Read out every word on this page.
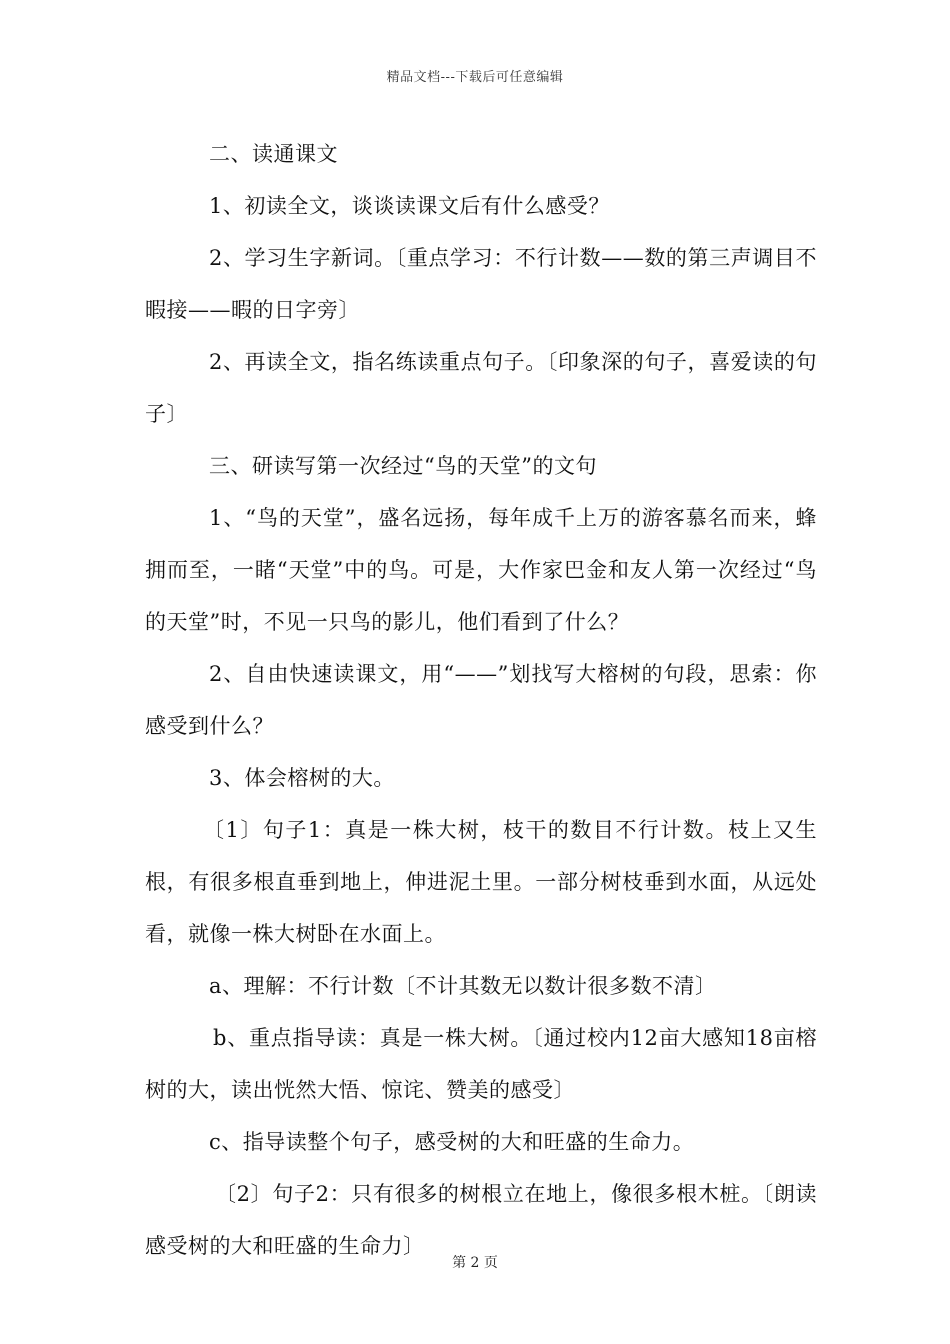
精品文档---下载后可任意编辑

二、读通课文

1、初读全文，谈谈读课文后有什么感受？

2、学习生字新词。〔重点学习：不行计数——数的第三声调目不暇接——暇的日字旁〕

2、再读全文，指名练读重点句子。〔印象深的句子，喜爱读的句子〕

三、研读写第一次经过“鸟的天堂”的文句

1、“鸟的天堂”，盛名远扬，每年成千上万的游客慕名而来，蜂拥而至，一睹“天堂”中的鸟。可是，大作家巴金和友人第一次经过“鸟的天堂”时，不见一只鸟的影儿，他们看到了什么？

2、自由快速读课文，用“——”划找写大榕树的句段，思索：你感受到什么？

3、体会榕树的大。

〔1〕句子1：真是一株大树，枝干的数目不行计数。枝上又生根，有很多根直垂到地上，伸进泥土里。一部分树枝垂到水面，从远处看，就像一株大树卧在水面上。

a、理解：不行计数〔不计其数无以数计很多数不清〕

b、重点指导读：真是一株大树。〔通过校内12亩大感知18亩榕树的大，读出恍然大悟、惊诧、赞美的感受〕

c、指导读整个句子，感受树的大和旺盛的生命力。

〔2〕句子2：只有很多的树根立在地上，像很多根木桩。〔朗读感受树的大和旺盛的生命力〕

第 2 页
